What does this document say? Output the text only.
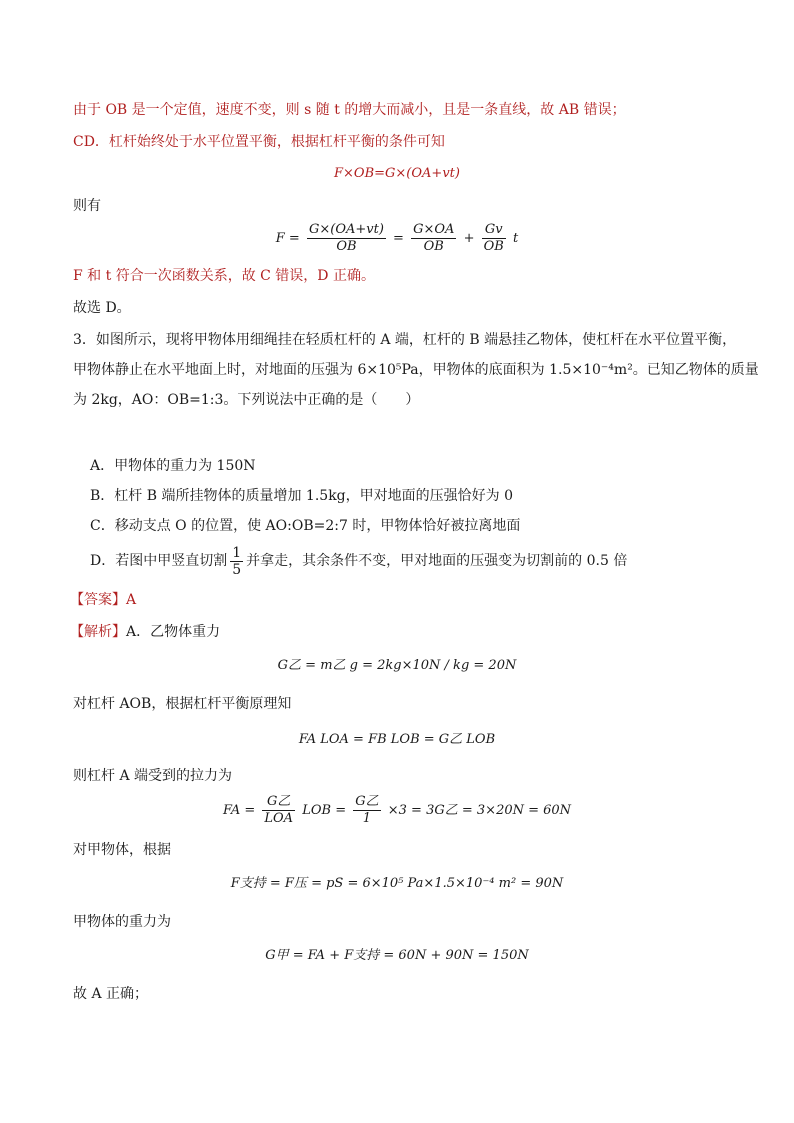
由于 OB 是一个定值，速度不变，则 s 随 t 的增大而减小，且是一条直线，故 AB 错误；
CD．杠杆始终处于水平位置平衡，根据杠杆平衡的条件可知
F×OB=G×(OA+vt)
则有
$F = \frac{G\times(OA+vt)}{OB} = \frac{G\times OA}{OB} + \frac{Gv}{OB}$ t
F 和 t 符合一次函数关系，故 C 错误，D 正确。
故选 D。
3．如图所示，现将甲物体用细绳挂在轻质杠杆的 A 端，杠杆的 B 端悬挂乙物体，使杠杆在水平位置平衡，
甲物体静止在水平地面上时，对地面的压强为 6×10⁵Pa，甲物体的底面积为 1.5×10⁻⁴m²。已知乙物体的质量
为 2kg，AO：OB=1:3。下列说法中正确的是（　　）
A．甲物体的重力为 150N
B．杠杆 B 端所挂物体的质量增加 1.5kg，甲对地面的压强恰好为 0
C．移动支点 O 的位置，使 AO:OB=2:7 时，甲物体恰好被拉离地面
D．若图中甲竖直切割 $\frac{1}{5}$ 并拿走，其余条件不变，甲对地面的压强变为切割前的 0.5 倍
【答案】A
【解析】A．乙物体重力
G乙 = m乙 g = 2kg×10N / kg = 20N
对杠杆 AOB，根据杠杆平衡原理知
FA LOA = FB LOB = G乙 LOB
则杠杆 A 端受到的拉力为
FA = $\frac{\text{G乙}}{\text{LOA}}$ LOB = $\frac{\text{G乙}}{1} \times 3 = 3G$乙 = 3×20N = 60N
对甲物体，根据
F支持 = F压 = pS = 6×10⁵ Pa×1.5×10⁻⁴ m² = 90N
甲物体的重力为
G甲 = FA + F支持 = 60N + 90N = 150N
故 A 正确；
